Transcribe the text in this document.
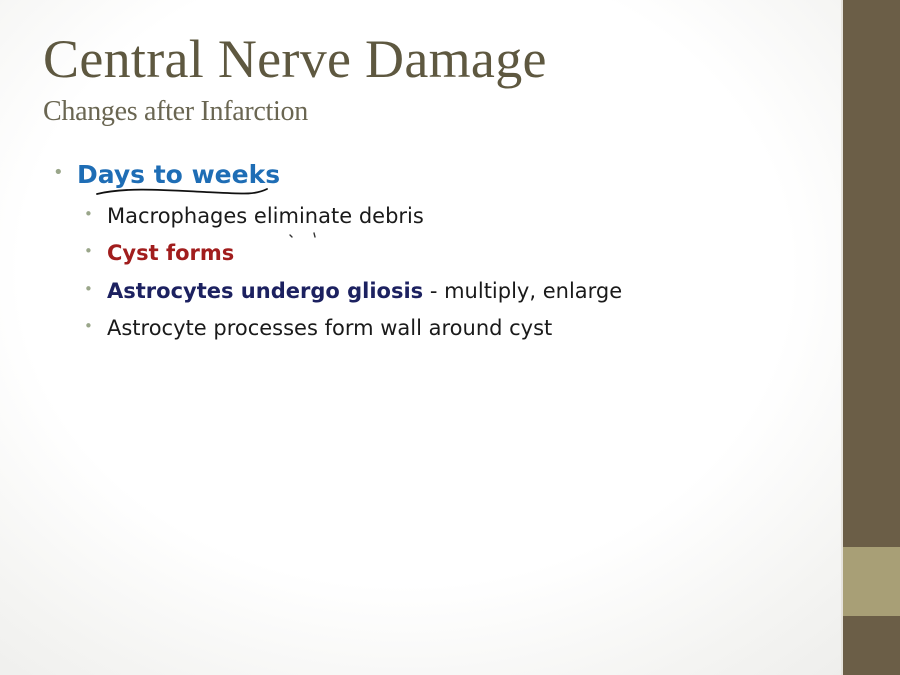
Central Nerve Damage
Changes after Infarction
• Days to weeks
• Macrophages eliminate debris
• Cyst forms
• Astrocytes undergo gliosis - multiply, enlarge
• Astrocyte processes form wall around cyst
